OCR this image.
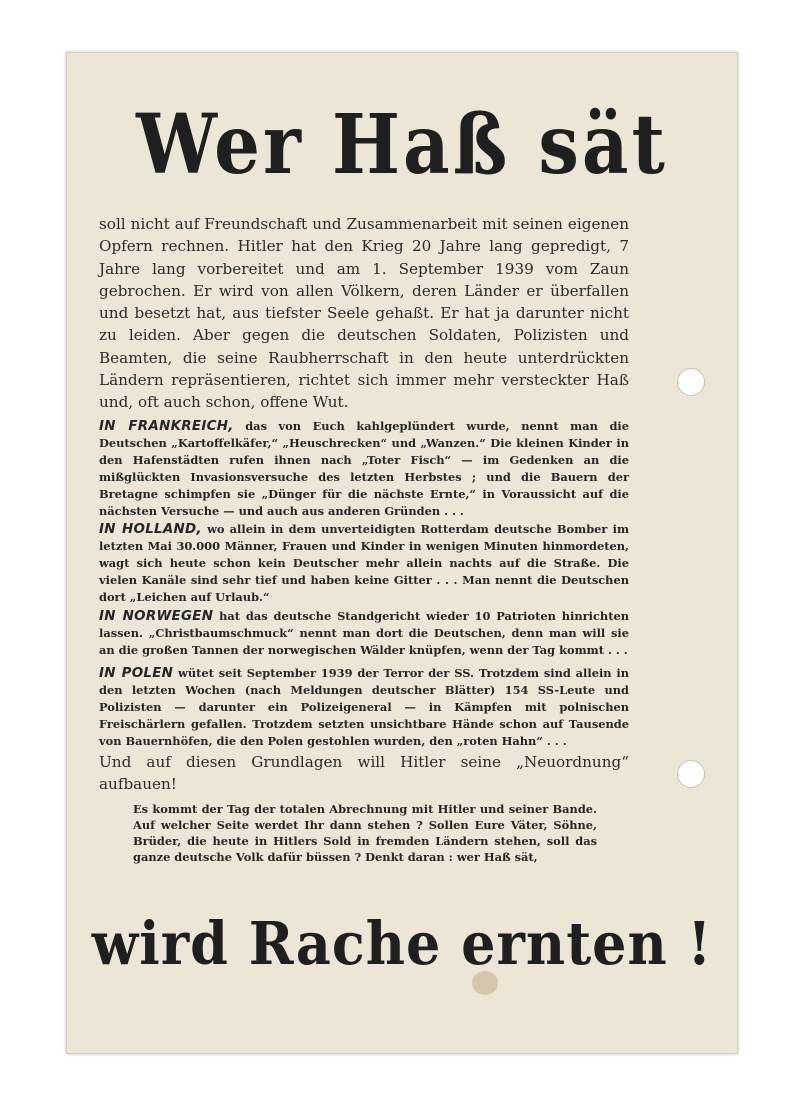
Wer Haß sät

soll nicht auf Freundschaft und Zusammenarbeit mit seinen eigenen Opfern rechnen. Hitler hat den Krieg 20 Jahre lang gepredigt, 7 Jahre lang vorbereitet und am 1. September 1939 vom Zaun gebrochen. Er wird von allen Völkern, deren Länder er überfallen und besetzt hat, aus tiefster Seele gehaßt. Er hat ja darunter nicht zu leiden. Aber gegen die deutschen Soldaten, Polizisten und Beamten, die seine Raubherrschaft in den heute unterdrückten Ländern repräsentieren, richtet sich immer mehr versteckter Haß und, oft auch schon, offene Wut.

IN FRANKREICH, das von Euch kahlgeplündert wurde, nennt man die Deutschen „Kartoffelkäfer,“ „Heuschrecken“ und „Wanzen.“ Die kleinen Kinder in den Hafenstädten rufen ihnen nach „Toter Fisch“ — im Gedenken an die mißglückten Invasionsversuche des letzten Herbstes ; und die Bauern der Bretagne schimpfen sie „Dünger für die nächste Ernte,“ in Voraussicht auf die nächsten Versuche — und auch aus anderen Gründen . . .

IN HOLLAND, wo allein in dem unverteidigten Rotterdam deutsche Bomber im letzten Mai 30.000 Männer, Frauen und Kinder in wenigen Minuten hinmordeten, wagt sich heute schon kein Deutscher mehr allein nachts auf die Straße. Die vielen Kanäle sind sehr tief und haben keine Gitter . . . Man nennt die Deutschen dort „Leichen auf Urlaub.“

IN NORWEGEN hat das deutsche Standgericht wieder 10 Patrioten hinrichten lassen. „Christbaumschmuck“ nennt man dort die Deutschen, denn man will sie an die großen Tannen der norwegischen Wälder knüpfen, wenn der Tag kommt . . .

IN POLEN wütet seit September 1939 der Terror der SS. Trotzdem sind allein in den letzten Wochen (nach Meldungen deutscher Blätter) 154 SS-Leute und Polizisten — darunter ein Polizeigeneral — in Kämpfen mit polnischen Freischärlern gefallen. Trotzdem setzten unsichtbare Hände schon auf Tausende von Bauernhöfen, die den Polen gestohlen wurden, den „roten Hahn“ . . .

Und auf diesen Grundlagen will Hitler seine „Neuordnung“ aufbauen!

Es kommt der Tag der totalen Abrechnung mit Hitler und seiner Bande. Auf welcher Seite werdet Ihr dann stehen ? Sollen Eure Väter, Söhne, Brüder, die heute in Hitlers Sold in fremden Ländern stehen, soll das ganze deutsche Volk dafür büssen ? Denkt daran : wer Haß sät,

wird Rache ernten !
